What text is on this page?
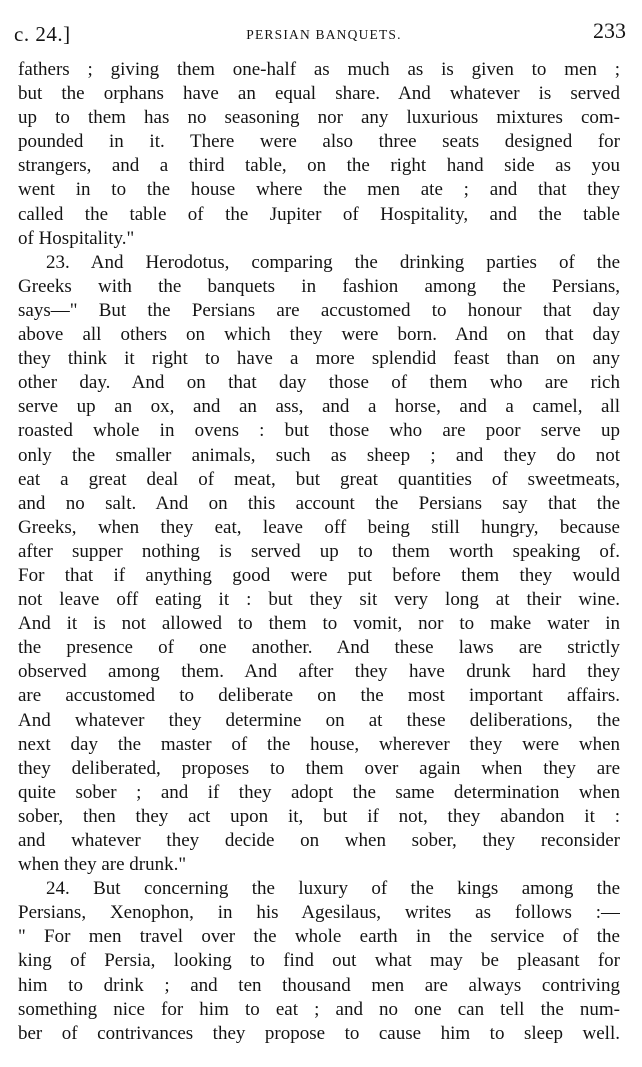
c. 24.]	PERSIAN BANQUETS.	233
fathers ; giving them one-half as much as is given to men ;
but the orphans have an equal share. And whatever is served
up to them has no seasoning nor any luxurious mixtures com-
pounded in it. There were also three seats designed for
strangers, and a third table, on the right hand side as you
went in to the house where the men ate ; and that they
called the table of the Jupiter of Hospitality, and the table
of Hospitality."
23. And Herodotus, comparing the drinking parties of the
Greeks with the banquets in fashion among the Persians,
says—" But the Persians are accustomed to honour that day
above all others on which they were born. And on that day
they think it right to have a more splendid feast than on any
other day. And on that day those of them who are rich
serve up an ox, and an ass, and a horse, and a camel, all
roasted whole in ovens : but those who are poor serve up
only the smaller animals, such as sheep ; and they do not
eat a great deal of meat, but great quantities of sweetmeats,
and no salt. And on this account the Persians say that the
Greeks, when they eat, leave off being still hungry, because
after supper nothing is served up to them worth speaking of.
For that if anything good were put before them they would
not leave off eating it : but they sit very long at their wine.
And it is not allowed to them to vomit, nor to make water in
the presence of one another. And these laws are strictly
observed among them. And after they have drunk hard they
are accustomed to deliberate on the most important affairs.
And whatever they determine on at these deliberations, the
next day the master of the house, wherever they were when
they deliberated, proposes to them over again when they are
quite sober ; and if they adopt the same determination when
sober, then they act upon it, but if not, they abandon it :
and whatever they decide on when sober, they reconsider
when they are drunk."
24. But concerning the luxury of the kings among the
Persians, Xenophon, in his Agesilaus, writes as follows :—
" For men travel over the whole earth in the service of the
king of Persia, looking to find out what may be pleasant for
him to drink ; and ten thousand men are always contriving
something nice for him to eat ; and no one can tell the num-
ber of contrivances they propose to cause him to sleep well.
